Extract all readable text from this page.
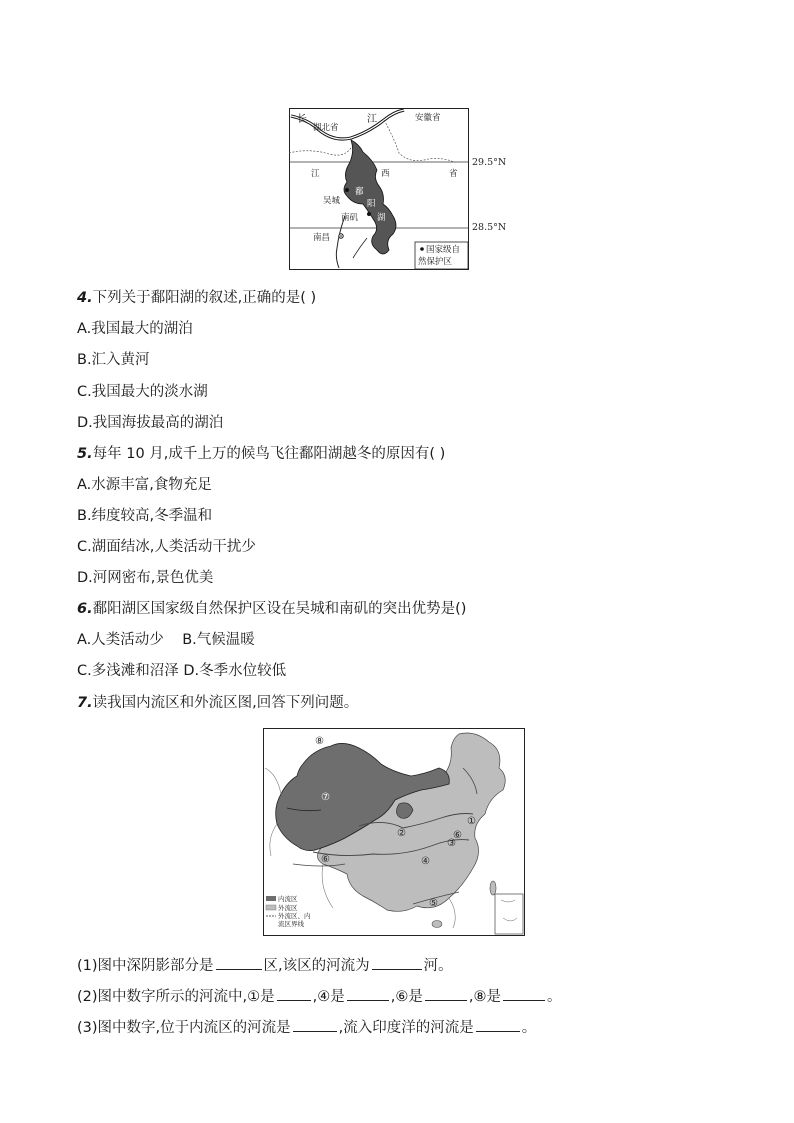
长	江
湖北省
安徽省
江	西	省
吴城
南矶
鄱
阳
湖
南昌
国家级自
然保护区
29.5°N
28.5°N
4.下列关于鄱阳湖的叙述,正确的是( )
A.我国最大的湖泊
B.汇入黄河
C.我国最大的淡水湖
D.我国海拔最高的湖泊
5.每年 10 月,成千上万的候鸟飞往鄱阳湖越冬的原因有( )
A.水源丰富,食物充足
B.纬度较高,冬季温和
C.湖面结冰,人类活动干扰少
D.河网密布,景色优美
6.鄱阳湖区国家级自然保护区设在吴城和南矶的突出优势是()
A.人类活动少    B.气候温暖
C.多浅滩和沼泽 D.冬季水位较低
7.读我国内流区和外流区图,回答下列问题。
①
②
③
④
⑤
⑥
⑥
⑦
⑧
内流区
外流区
外流区、内
流区界线
(1)图中深阴影部分是	区,该区的河流为	河。
(2)图中数字所示的河流中,①是	,④是	,⑥是	,⑧是	。
(3)图中数字,位于内流区的河流是	,流入印度洋的河流是	。
